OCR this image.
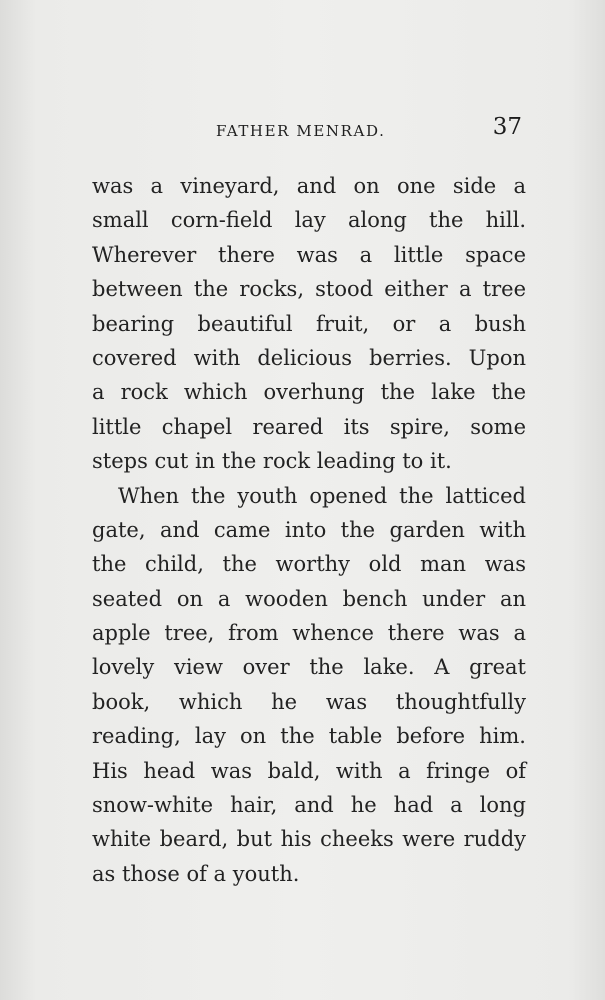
FATHER MENRAD.	37
was a vineyard, and on one side a
small corn-field lay along the hill.
Wherever there was a little space
between the rocks, stood either a tree
bearing beautiful fruit, or a bush
covered with delicious berries. Upon
a rock which overhung the lake the
little chapel reared its spire, some
steps cut in the rock leading to it.
When the youth opened the latticed
gate, and came into the garden with
the child, the worthy old man was
seated on a wooden bench under an
apple tree, from whence there was a
lovely view over the lake. A great
book, which he was thoughtfully
reading, lay on the table before him.
His head was bald, with a fringe of
snow-white hair, and he had a long
white beard, but his cheeks were ruddy
as those of a youth.
